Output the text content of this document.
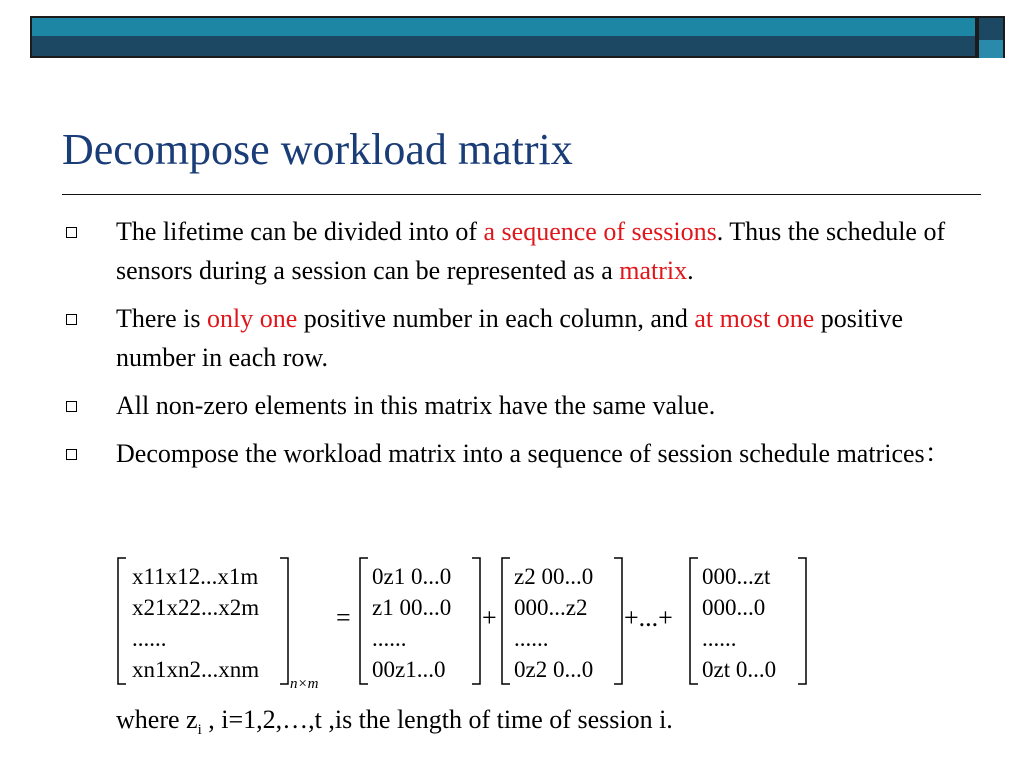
Decompose workload matrix
The lifetime can be divided into of a sequence of sessions. Thus the schedule of sensors during a session can be represented as a matrix.
There is only one positive number in each column, and at most one positive number in each row.
All non-zero elements in this matrix have the same value.
Decompose the workload matrix into a sequence of session schedule matrices：
x11x12...x1m
x21x22...x2m
......
xn1xn2...xnm
n×m
=
0z1 0...0
z1 00...0
......
00z1...0
+
z2 00...0
000...z2
......
0z2 0...0
+...+
000...zt
000...0
......
0zt 0...0
where $z_i$ , i=1,2,…,t ,is the length of time of session i.
